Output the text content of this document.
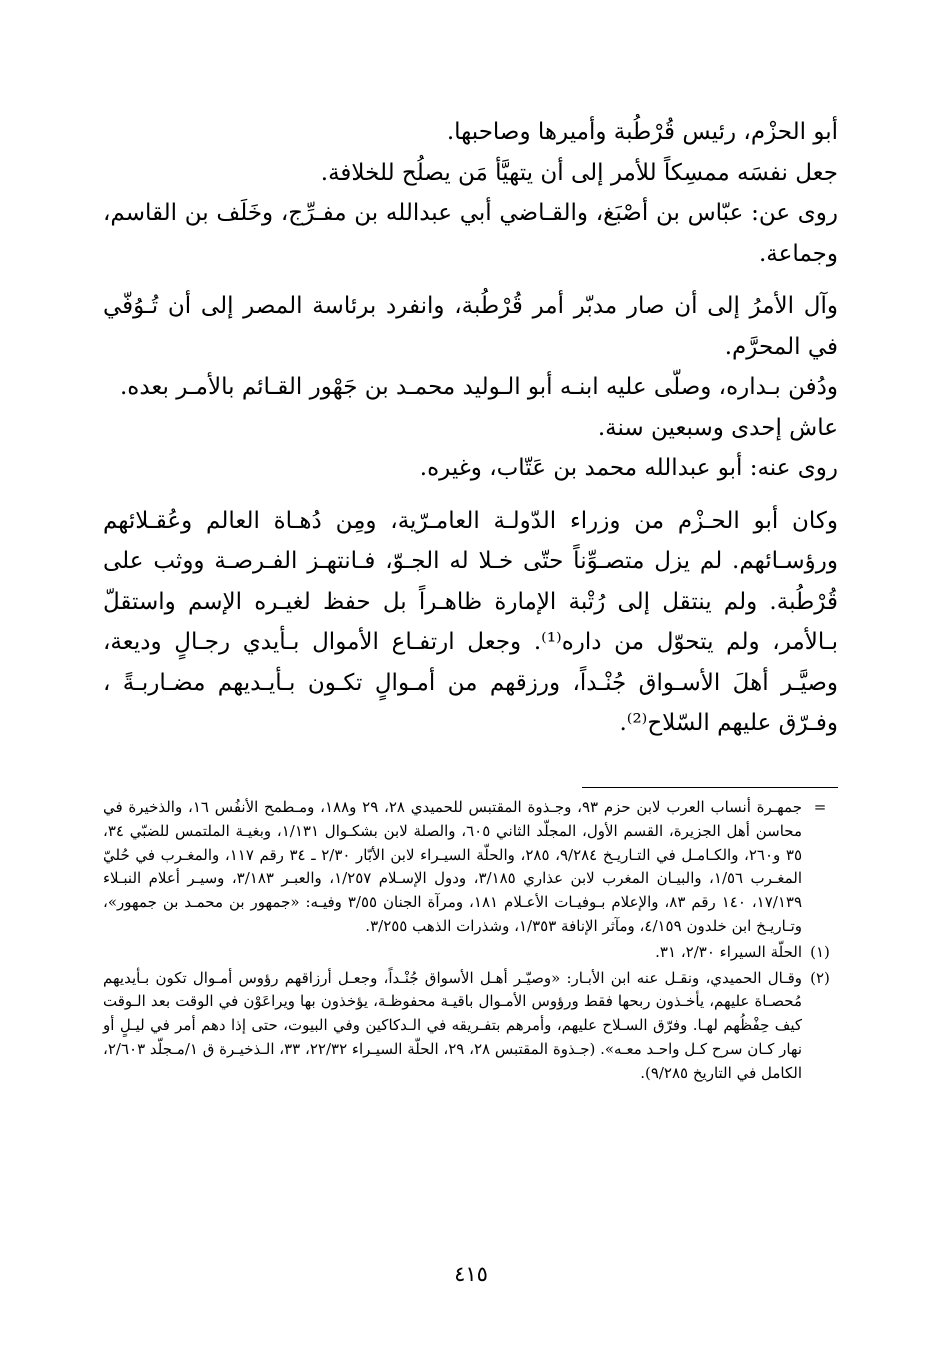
أبو الحزْم، رئيس قُرْطُبة وأميرها وصاحبها.

جعل نفسَه ممسِكاً للأمر إلى أن يتهيَّأ مَن يصلُح للخلافة.

روى عن: عبّاس بن أصْبَغ، والقـاضي أبي عبدالله بن مفـرِّج، وخَلَف بن القاسم، وجماعة.

وآل الأمرُ إلى أن صار مدبّر أمر قُرْطُبة، وانفرد برئاسة المصر إلى أن تُـوُفّي في المحرَّم.

ودُفن بـداره، وصلّى عليه ابنـه أبو الـوليد محمـد بن جَهْور القـائم بالأمـر بعده.

عاش إحدى وسبعين سنة.

روى عنه: أبو عبدالله محمد بن عَتّاب، وغيره.

وكان أبو الحـزْم من وزراء الدّولـة العامـرّية، ومِن دُهـاة العالم وعُقـلائهم ورؤسـائهم. لم يزل متصـوِّناً حتّى خـلا له الجـوّ، فـانتهـز الفـرصـة ووثب على قُرْطُبة. ولم ينتقل إلى رُتْبة الإمارة ظاهـراً بل حفظ لغيـره الإسم واستقلّ بـالأمر، ولم يتحوّل من داره⁽¹⁾. وجعل ارتفـاع الأموال بـأيدي رجـالٍ وديعة، وصيَّـر أهلَ الأسـواق جُنْـداً، ورزقهم من أمـوالٍ تكـون بـأيـديهم مضـاربـةً ، وفـرّق عليهم السّلاح⁽²⁾.

=
جمهـرة أنساب العرب لابن حزم ٩٣، وجـذوة المقتبس للحميدي ٢٨، ٢٩ و١٨٨، ومـطمح الأنفُس ١٦، والذخيرة في محاسن أهل الجزيرة، القسم الأول، المجلّد الثاني ٦٠٥، والصلة لابن بشكـوال ١/١٣١، وبغيـة الملتمس للضبّي ٣٤، ٣٥ و٢٦٠، والكـامـل في التـاريـخ ٩/٢٨٤، ٢٨٥، والحلّة السيـراء لابن الأبّار ٢/٣٠ ـ ٣٤ رقم ١١٧، والمغـرب في حُليّ المغـرب ١/٥٦، والبيـان المغرب لابن عذاري ٣/١٨٥، ودول الإسـلام ١/٢٥٧، والعبـر ٣/١٨٣، وسيـر أعلام النبـلاء ١٧/١٣٩، ١٤٠ رقم ٨٣، والإعلام بـوفيـات الأعـلام ١٨١، ومرآة الجنان ٣/٥٥ وفيـه: «جمهور بن محمـد بن جمهور»، وتـاريـخ ابن خلدون ٤/١٥٩، ومآثر الإنافة ١/٣٥٣، وشذرات الذهب ٣/٢٥٥.
(١)
الحلّة السيراء ٢/٣٠، ٣١.
(٢)
وقـال الحميدي، ونقـل عنه ابن الأبـار: «وصيّـر أهـل الأسواق جُنْـداً، وجعـل أرزاقهم رؤوس أمـوال تكون بـأيديهم مُحصـاة عليهم، يأخـذون ربحها فقط ورؤوس الأمـوال باقيـة محفوظـة، يؤخذون بها ويراعَوْن في الوقت بعد الـوقت كيف حِفْظُهم لهـا. وفرّق السـلاح عليهم، وأمرهم بتفـريقه في الـدكاكين وفي البيوت، حتى إذا دهم أمر في ليـلٍ أو نهار كـان سرح كـل واحـد معـه». (جـذوة المقتبس ٢٨، ٢٩، الحلّة السيـراء ٢٢/٣٢، ٣٣، الـذخيـرة ق ١/مـجلّد ٢/٦٠٣، الكامل في التاريخ ٩/٢٨٥).
٤١٥
